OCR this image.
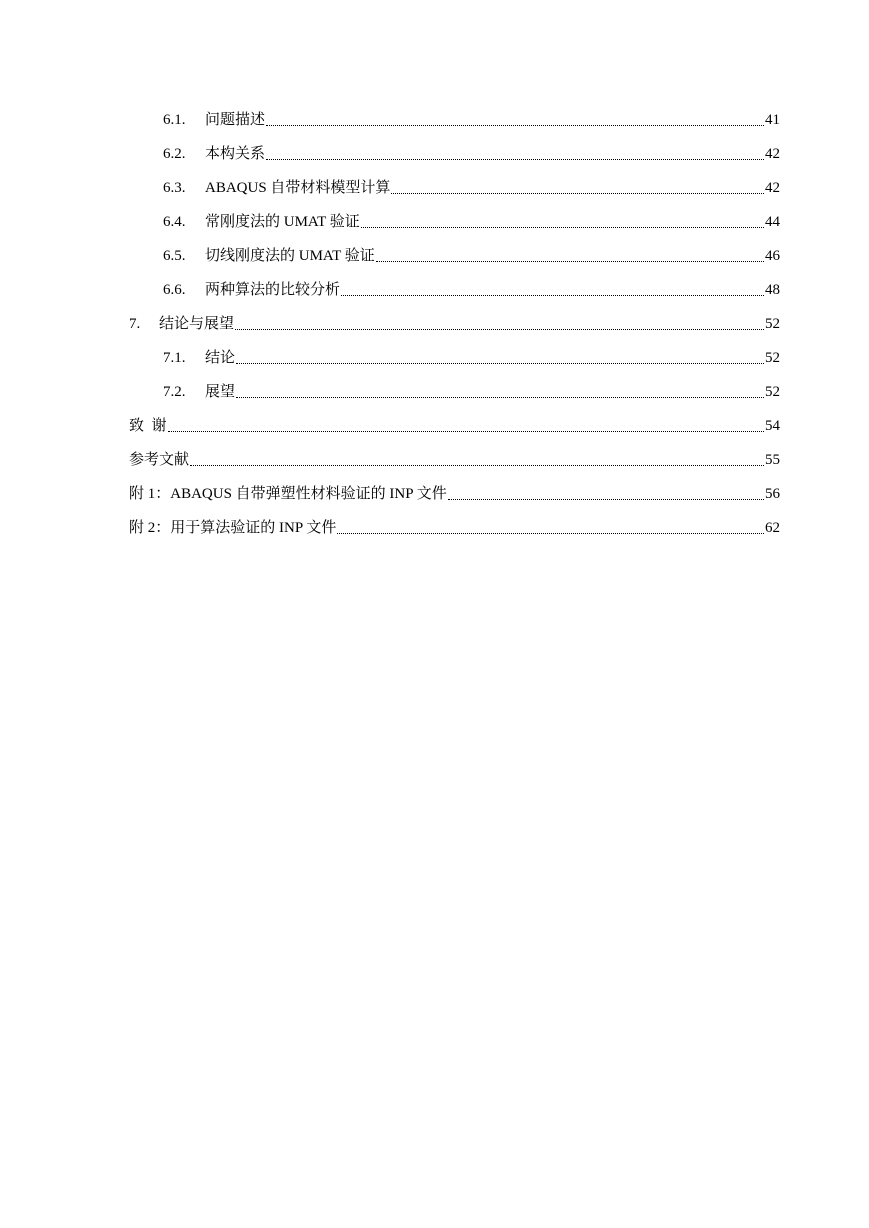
6.1.	问题描述	41
6.2.	本构关系	42
6.3.	ABAQUS 自带材料模型计算	42
6.4.	常刚度法的 UMAT 验证	44
6.5.	切线刚度法的 UMAT 验证	46
6.6.	两种算法的比较分析	48
7.	结论与展望	52
7.1.	结论	52
7.2.	展望	52
致  谢	54
参考文献	55
附 1：ABAQUS 自带弹塑性材料验证的 INP 文件	56
附 2：用于算法验证的 INP 文件	62
